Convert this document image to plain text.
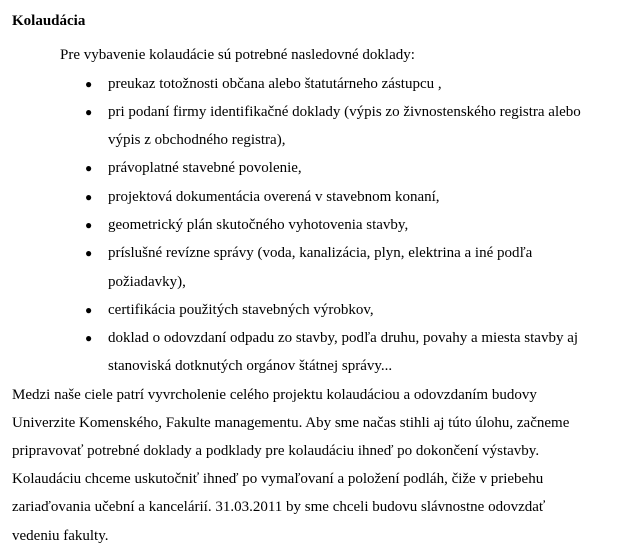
Kolaudácia
Pre vybavenie kolaudácie sú potrebné nasledovné doklady:
● preukaz totožnosti občana alebo štatutárneho zástupcu ,
● pri podaní firmy identifikačné doklady (výpis zo živnostenského registra alebo
výpis z obchodného registra),
● právoplatné stavebné povolenie,
● projektová dokumentácia overená v stavebnom konaní,
● geometrický plán skutočného vyhotovenia stavby,
● príslušné revízne správy (voda, kanalizácia, plyn, elektrina a iné podľa
požiadavky),
● certifikácia použitých stavebných výrobkov,
● doklad o odovzdaní odpadu zo stavby, podľa druhu, povahy a miesta stavby aj
stanoviská dotknutých orgánov štátnej správy...
Medzi naše ciele patrí vyvrcholenie celého projektu kolaudáciou a odovzdaním budovy
Univerzite Komenského, Fakulte managementu. Aby sme načas stihli aj túto úlohu, začneme
pripravovať potrebné doklady a podklady pre kolaudáciu ihneď po dokončení výstavby.
Kolaudáciu chceme uskutočniť ihneď po vymaľovaní a položení podláh, čiže v priebehu
zariaďovania učební a kancelárií. 31.03.2011 by sme chceli budovu slávnostne odovzdať
vedeniu fakulty.
